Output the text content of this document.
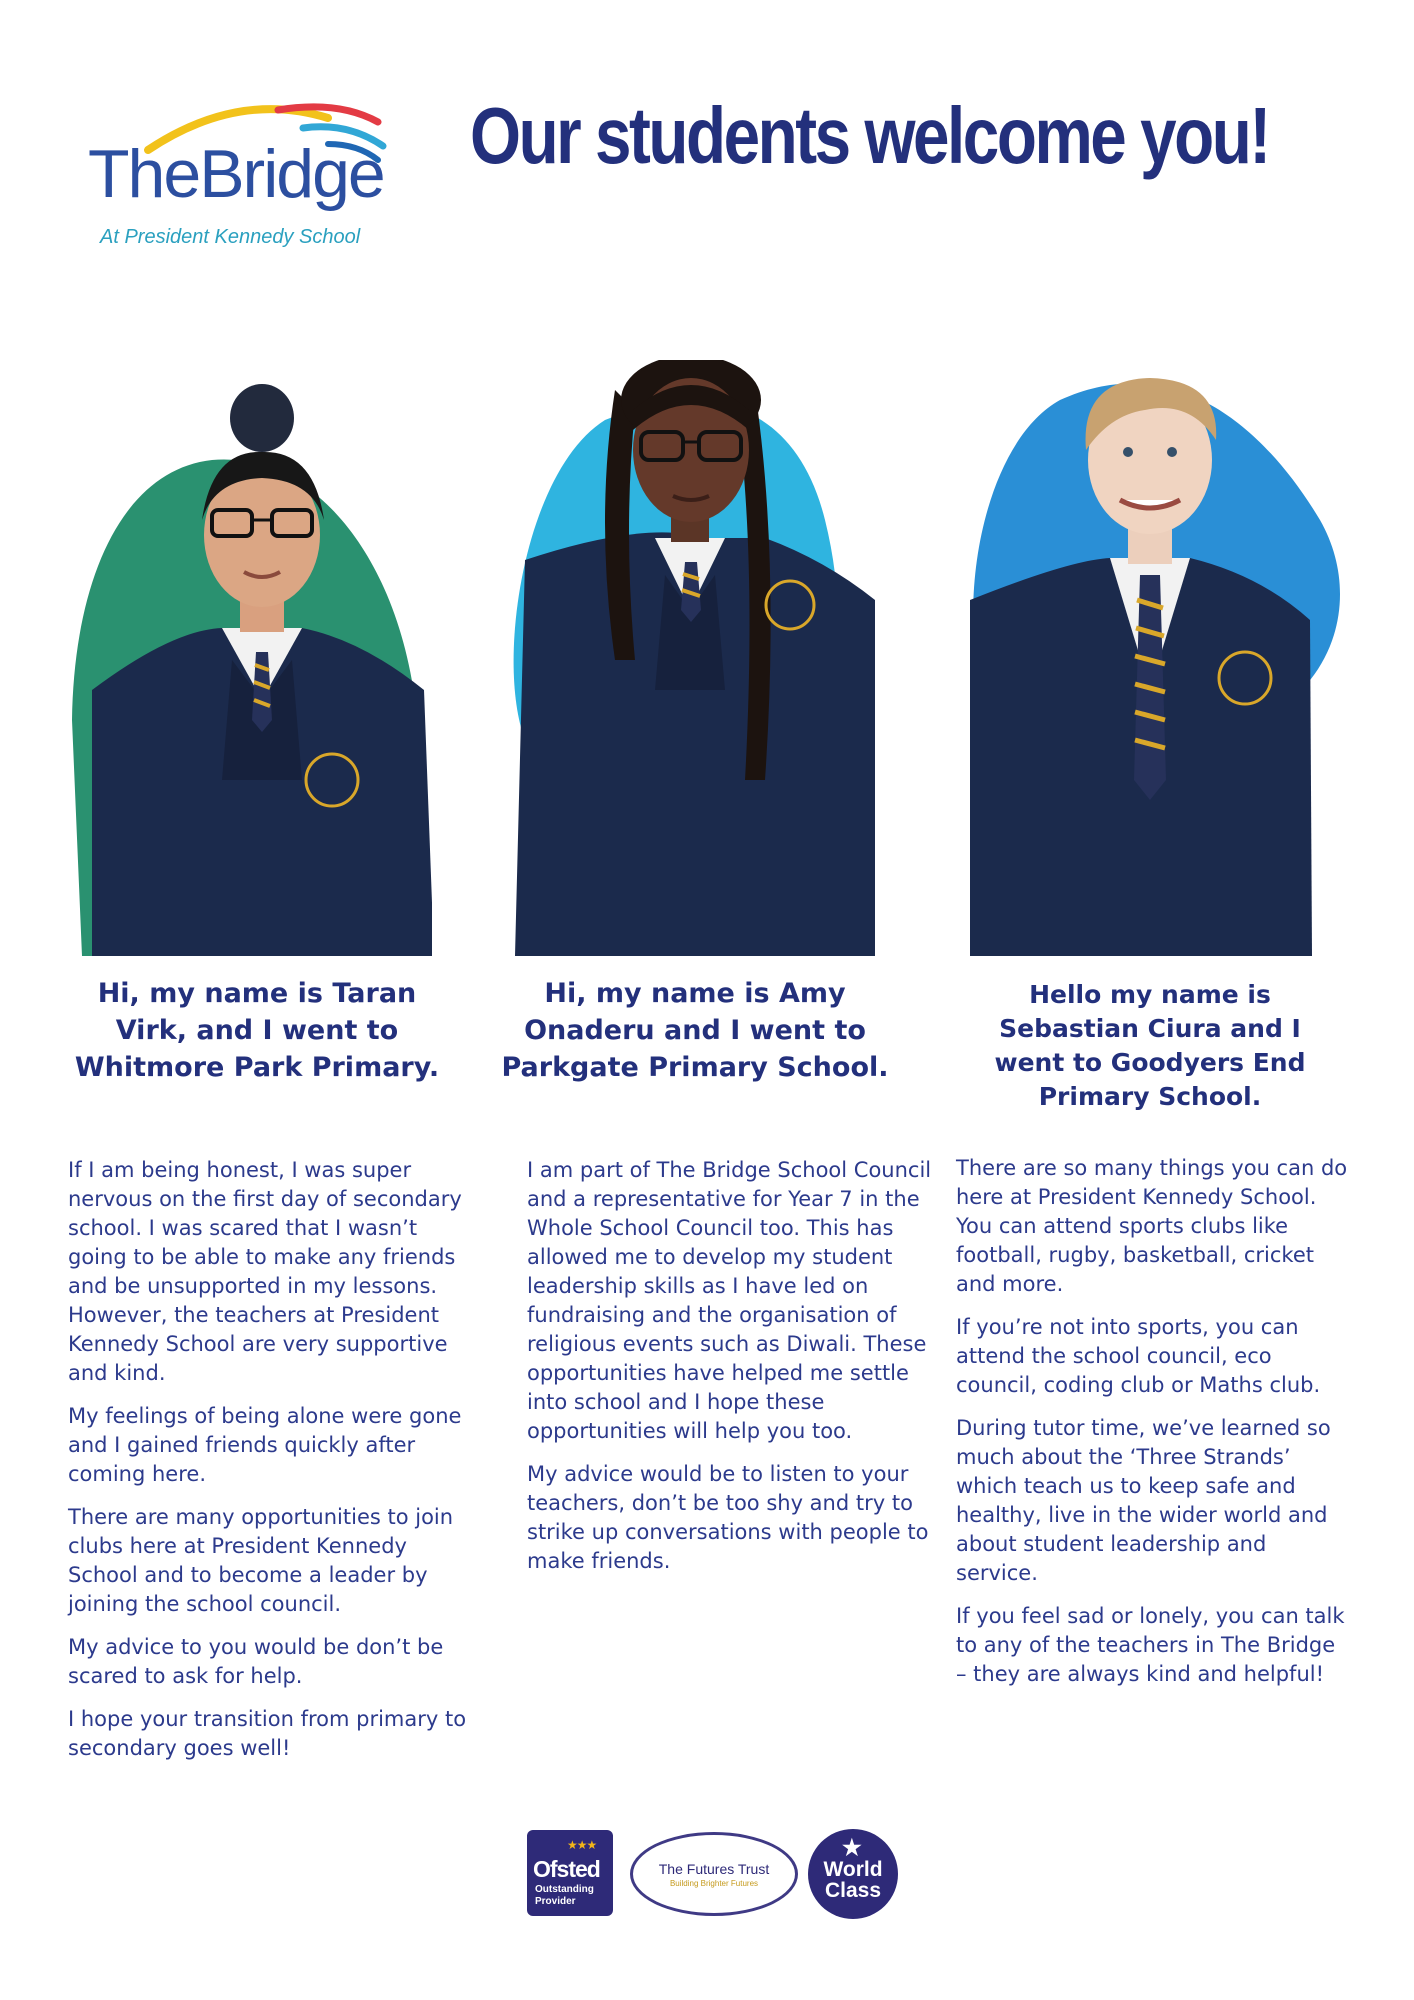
TheBridge
At President Kennedy School
Our students welcome you!
Hi, my name is Taran Virk, and I went to Whitmore Park Primary.
Hi, my name is Amy Onaderu and I went to Parkgate Primary School.
Hello my name is Sebastian Ciura and I went to Goodyers End Primary School.

If I am being honest, I was super nervous on the first day of secondary school. I was scared that I wasn’t going to be able to make any friends and be unsupported in my lessons. However, the teachers at President Kennedy School are very supportive and kind.

My feelings of being alone were gone and I gained friends quickly after coming here.

There are many opportunities to join clubs here at President Kennedy School and to become a leader by joining the school council.

My advice to you would be don’t be scared to ask for help.

I hope your transition from primary to secondary goes well!

I am part of The Bridge School Council and a representative for Year 7 in the Whole School Council too. This has allowed me to develop my student leadership skills as I have led on fundraising and the organisation of religious events such as Diwali. These opportunities have helped me settle into school and I hope these opportunities will help you too.

My advice would be to listen to your teachers, don’t be too shy and try to strike up conversations with people to make friends.

There are so many things you can do here at President Kennedy School. You can attend sports clubs like football, rugby, basketball, cricket and more.

If you’re not into sports, you can attend the school council, eco council, coding club or Maths club.

During tutor time, we’ve learned so much about the ‘Three Strands’ which teach us to keep safe and healthy, live in the wider world and about student leadership and service.

If you feel sad or lonely, you can talk to any of the teachers in The Bridge – they are always kind and helpful!

★★★
Ofsted
Outstanding
Provider
The Futures Trust
Building Brighter Futures
★
World
Class
